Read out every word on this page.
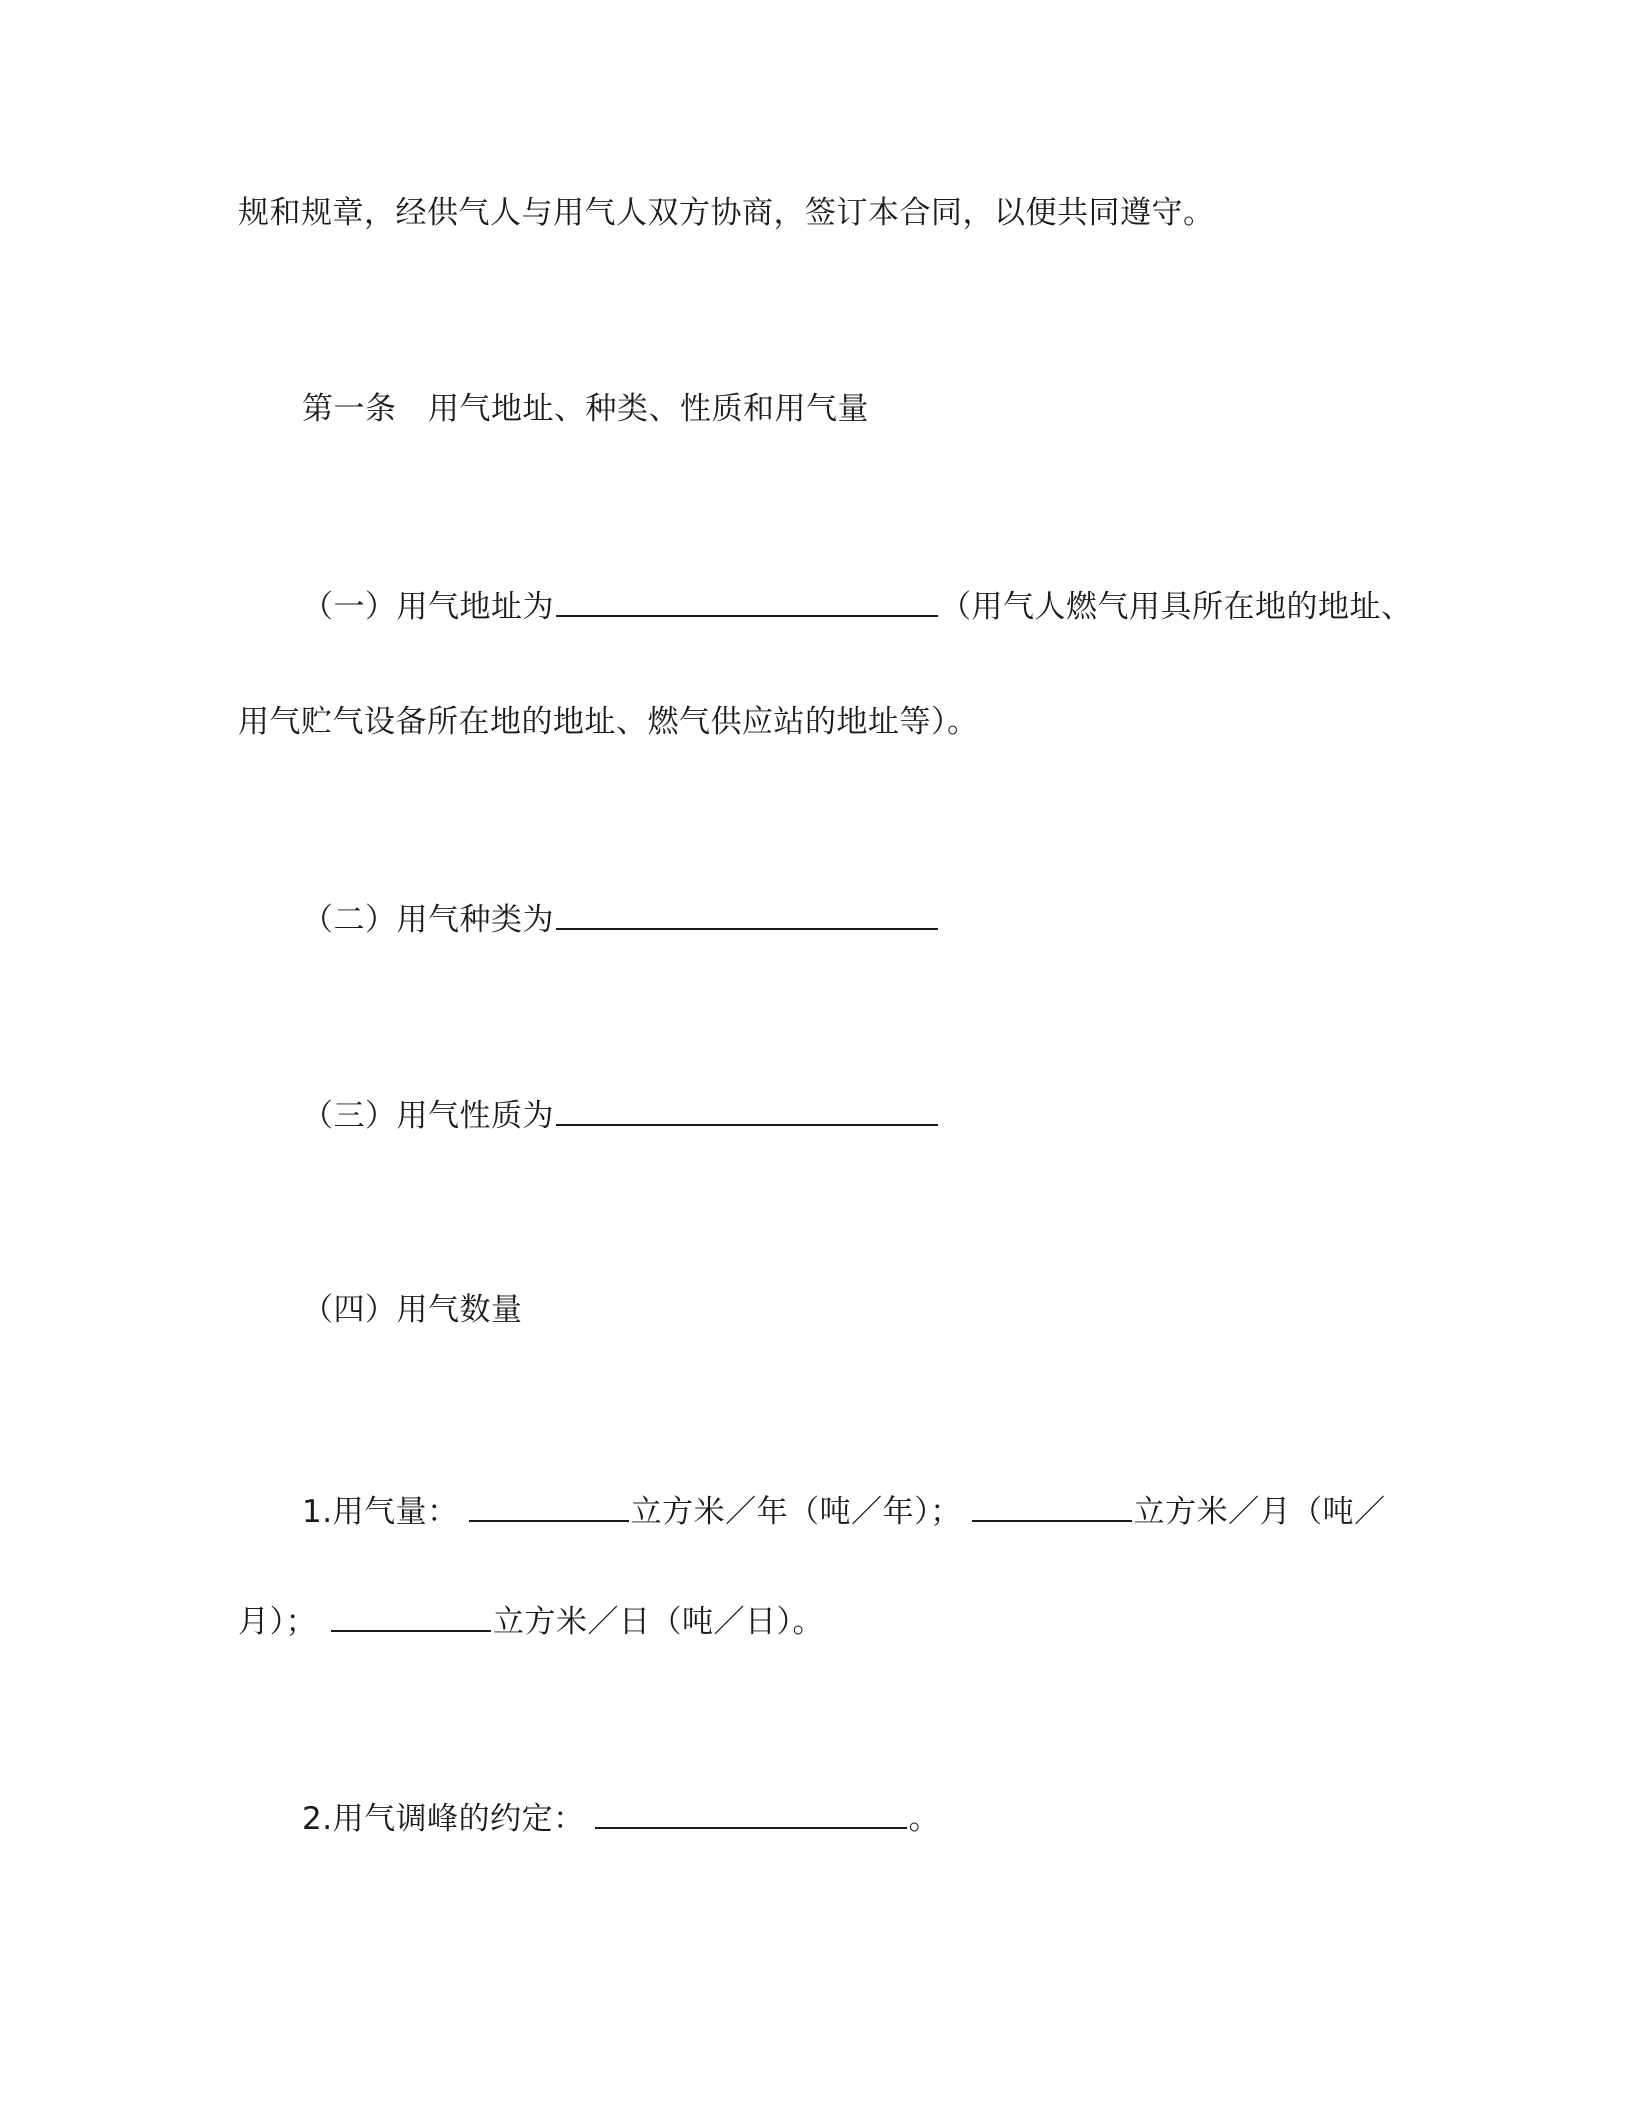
规和规章，经供气人与用气人双方协商，签订本合同，以便共同遵守。
第一条　用气地址、种类、性质和用气量
（一）用气地址为	（用气人燃气用具所在地的地址、
用气贮气设备所在地的地址、燃气供应站的地址等）。
（二）用气种类为
（三）用气性质为
（四）用气数量
1.用气量：	立方米／年（吨／年）；	立方米／月（吨／
月）；	立方米／日（吨／日）。
2.用气调峰的约定：	。
